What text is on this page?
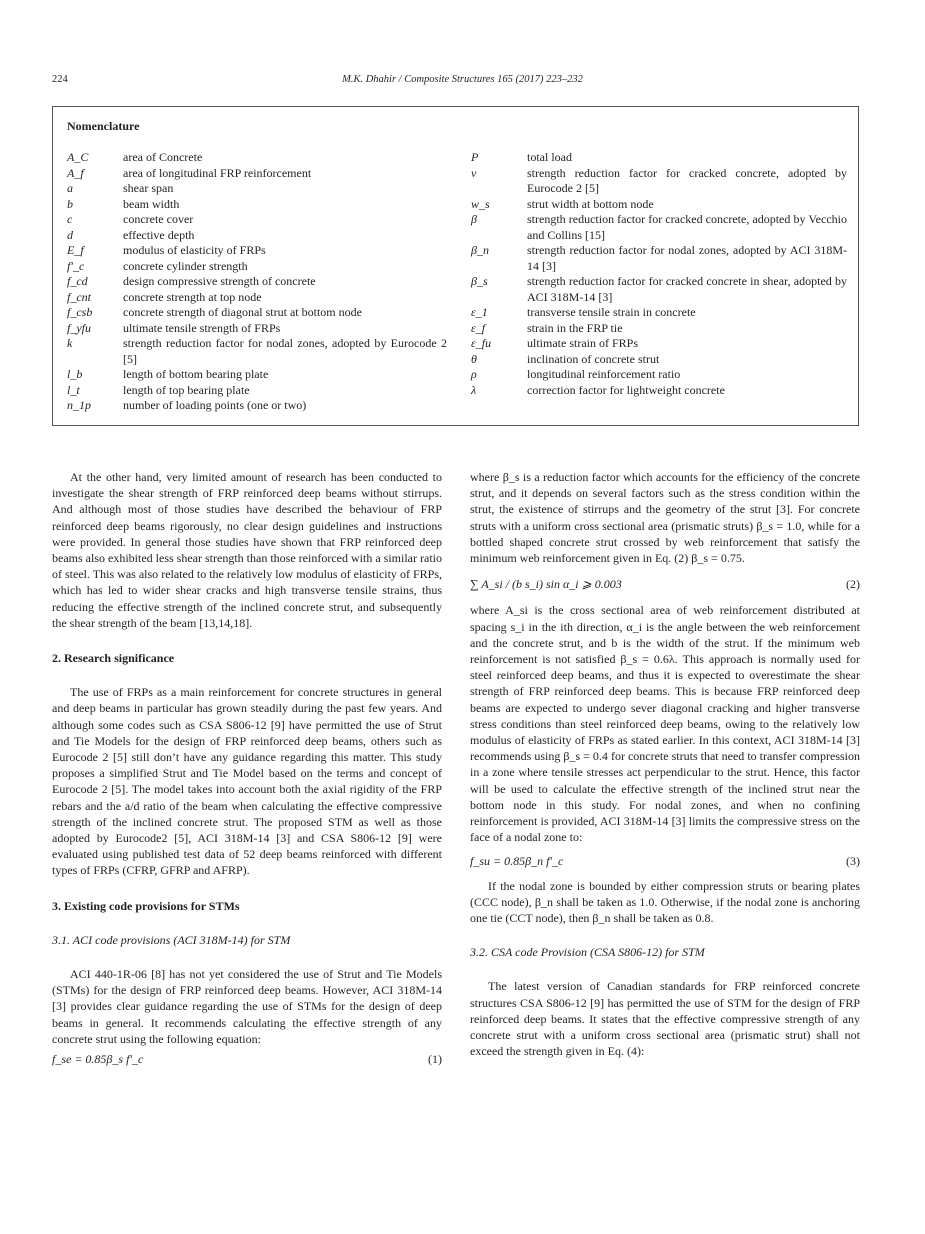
224	M.K. Dhahir / Composite Structures 165 (2017) 223–232
Nomenclature
A_C	area of Concrete
A_f	area of longitudinal FRP reinforcement
a	shear span
b	beam width
c	concrete cover
d	effective depth
E_f	modulus of elasticity of FRPs
f′_c	concrete cylinder strength
f_cd	design compressive strength of concrete
f_cnt	concrete strength at top node
f_csb	concrete strength of diagonal strut at bottom node
f_yfu	ultimate tensile strength of FRPs
k	strength reduction factor for nodal zones, adopted by Eurocode 2 [5]
l_b	length of bottom bearing plate
l_t	length of top bearing plate
n_1p	number of loading points (one or two)
P	total load
ν	strength reduction factor for cracked concrete, adopted by Eurocode 2 [5]
w_s	strut width at bottom node
β	strength reduction factor for cracked concrete, adopted by Vecchio and Collins [15]
β_n	strength reduction factor for nodal zones, adopted by ACI 318M-14 [3]
β_s	strength reduction factor for cracked concrete in shear, adopted by ACI 318M-14 [3]
ε_1	transverse tensile strain in concrete
ε_f	strain in the FRP tie
ε_fu	ultimate strain of FRPs
θ	inclination of concrete strut
ρ	longitudinal reinforcement ratio
λ	correction factor for lightweight concrete

At the other hand, very limited amount of research has been conducted to investigate the shear strength of FRP reinforced deep beams without stirrups. And although most of those studies have described the behaviour of FRP reinforced deep beams rigorously, no clear design guidelines and instructions were provided. In general those studies have shown that FRP reinforced deep beams also exhibited less shear strength than those reinforced with a similar ratio of steel. This was also related to the relatively low modulus of elasticity of FRPs, which has led to wider shear cracks and high transverse tensile strains, thus reducing the effective strength of the inclined concrete strut, and subsequently the shear strength of the beam [13,14,18].

2. Research significance

The use of FRPs as a main reinforcement for concrete structures in general and deep beams in particular has grown steadily during the past few years. And although some codes such as CSA S806-12 [9] have permitted the use of Strut and Tie Models for the design of FRP reinforced deep beams, others such as Eurocode 2 [5] still don’t have any guidance regarding this matter. This study proposes a simplified Strut and Tie Model based on the terms and concept of Eurocode 2 [5]. The model takes into account both the axial rigidity of the FRP rebars and the a/d ratio of the beam when calculating the effective compressive strength of the inclined concrete strut. The proposed STM as well as those adopted by Eurocode2 [5], ACI 318M-14 [3] and CSA S806-12 [9] were evaluated using published test data of 52 deep beams reinforced with different types of FRPs (CFRP, GFRP and AFRP).

3. Existing code provisions for STMs
3.1. ACI code provisions (ACI 318M-14) for STM

ACI 440-1R-06 [8] has not yet considered the use of Strut and Tie Models (STMs) for the design of FRP reinforced deep beams. However, ACI 318M-14 [3] provides clear guidance regarding the use of STMs for the design of deep beams in general. It recommends calculating the effective strength of any concrete strut using the following equation:

f_se = 0.85β_s f′_c	(1)

where β_s is a reduction factor which accounts for the efficiency of the concrete strut, and it depends on several factors such as the stress condition within the strut, the existence of stirrups and the geometry of the strut [3]. For concrete struts with a uniform cross sectional area (prismatic struts) β_s = 1.0, while for a bottled shaped concrete strut crossed by web reinforcement that satisfy the minimum web reinforcement given in Eq. (2) β_s = 0.75.

∑ A_si / (b s_i) sin α_i ⩾ 0.003	(2)

where A_si is the cross sectional area of web reinforcement distributed at spacing s_i in the ith direction, α_i is the angle between the web reinforcement and the concrete strut, and b is the width of the strut. If the minimum web reinforcement is not satisfied β_s = 0.6λ. This approach is normally used for steel reinforced deep beams, and thus it is expected to overestimate the shear strength of FRP reinforced deep beams. This is because FRP reinforced deep beams are expected to undergo sever diagonal cracking and higher transverse stress conditions than steel reinforced deep beams, owing to the relatively low modulus of elasticity of FRPs as stated earlier. In this context, ACI 318M-14 [3] recommends using β_s = 0.4 for concrete struts that need to transfer compression in a zone where tensile stresses act perpendicular to the strut. Hence, this factor will be used to calculate the effective strength of the inclined strut near the bottom node in this study. For nodal zones, and when no confining reinforcement is provided, ACI 318M-14 [3] limits the compressive stress on the face of a nodal zone to:

f_su = 0.85β_n f′_c	(3)

If the nodal zone is bounded by either compression struts or bearing plates (CCC node), β_n shall be taken as 1.0. Otherwise, if the nodal zone is anchoring one tie (CCT node), then β_n shall be taken as 0.8.

3.2. CSA code Provision (CSA S806-12) for STM

The latest version of Canadian standards for FRP reinforced concrete structures CSA S806-12 [9] has permitted the use of STM for the design of FRP reinforced deep beams. It states that the effective compressive strength of any concrete strut with a uniform cross sectional area (prismatic strut) shall not exceed the strength given in Eq. (4):
